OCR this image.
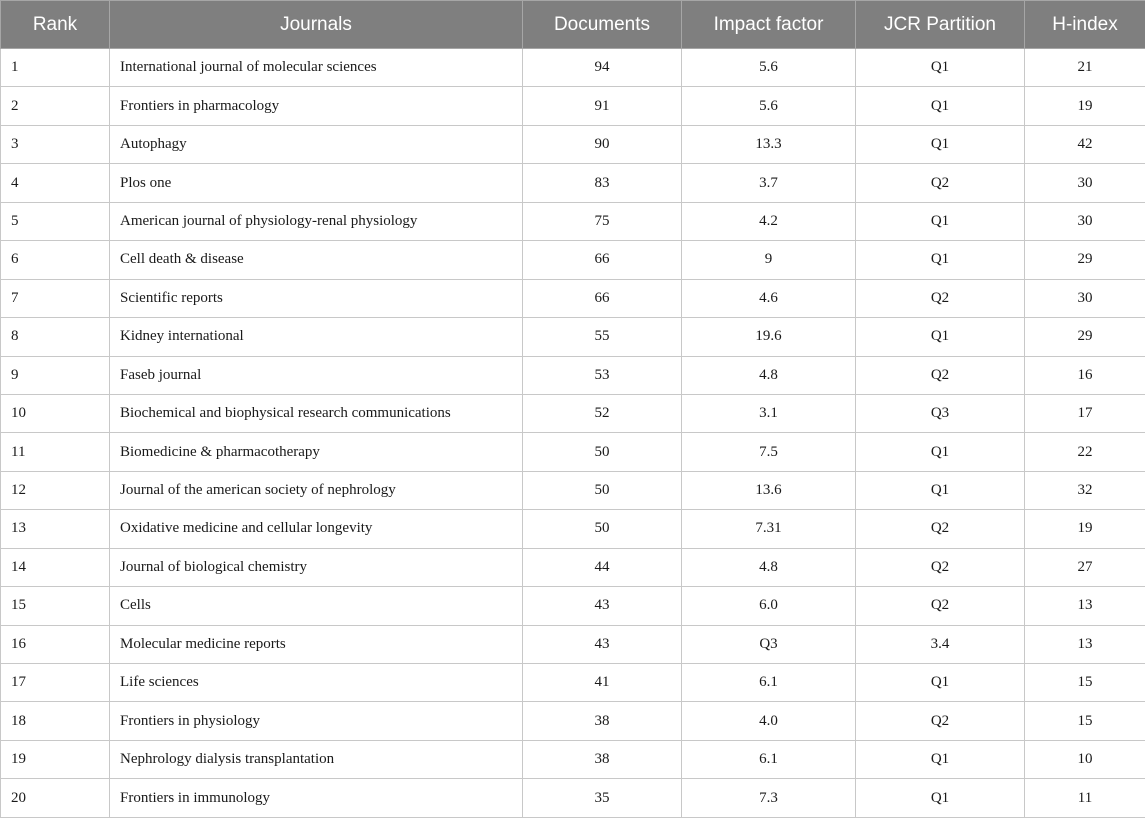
Rank	Journals	Documents	Impact factor	JCR Partition	H-index
1	International journal of molecular sciences	94	5.6	Q1	21
2	Frontiers in pharmacology	91	5.6	Q1	19
3	Autophagy	90	13.3	Q1	42
4	Plos one	83	3.7	Q2	30
5	American journal of physiology-renal physiology	75	4.2	Q1	30
6	Cell death & disease	66	9	Q1	29
7	Scientific reports	66	4.6	Q2	30
8	Kidney international	55	19.6	Q1	29
9	Faseb journal	53	4.8	Q2	16
10	Biochemical and biophysical research communications	52	3.1	Q3	17
11	Biomedicine & pharmacotherapy	50	7.5	Q1	22
12	Journal of the american society of nephrology	50	13.6	Q1	32
13	Oxidative medicine and cellular longevity	50	7.31	Q2	19
14	Journal of biological chemistry	44	4.8	Q2	27
15	Cells	43	6.0	Q2	13
16	Molecular medicine reports	43	Q3	3.4	13
17	Life sciences	41	6.1	Q1	15
18	Frontiers in physiology	38	4.0	Q2	15
19	Nephrology dialysis transplantation	38	6.1	Q1	10
20	Frontiers in immunology	35	7.3	Q1	11
